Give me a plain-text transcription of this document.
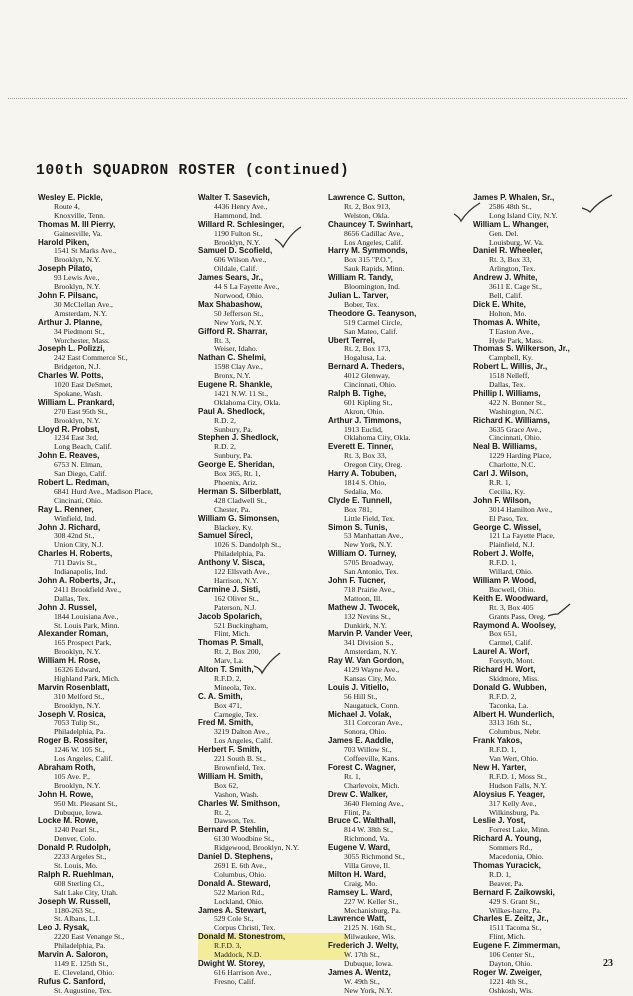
100th SQUADRON ROSTER (continued)
Wesley E. Pickle,
Route 4,
Knoxville, Tenn.
Thomas M. III Pierry,
Gainesville, Va.
Harold Piken,
1541 St Marks Ave.,
Brooklyn, N.Y.
Joseph Pilato,
93 Lewis Ave.,
Brooklyn, N.Y.
John F. Pilsanc,
30 McClellan Ave.,
Amsterdam, N.Y.
Arthur J. Planne,
34 Piedmont St.,
Worchester, Mass.
Joseph L. Polizzi,
242 East Commerce St.,
Bridgeton, N.J.
Charles W. Potts,
1020 East DeSmet,
Spokane, Wash.
William L. Prankard,
270 East 95th St.,
Brooklyn, N.Y.
Lloyd R. Probst,
1234 East 3rd,
Long Beach, Calif.
John E. Reaves,
6753 N. Elman,
San Diego, Calif.
Robert L. Redman,
6841 Hurd Ave., Madison Place,
Cincinati, Ohio.
Ray L. Renner,
Winfield, Ind.
John J. Richard,
308 42nd St.,
Union City, N.J.
Charles H. Roberts,
711 Davis St.,
Indianapolis, Ind.
John A. Roberts, Jr.,
2411 Brookfield Ave.,
Dallas, Tex.
John J. Russel,
1844 Louisiana Ave.,
St. Louis Park, Minn.
Alexander Roman,
165 Prospect Park,
Brooklyn, N.Y.
William H. Rose,
16326 Edward,
Highland Park, Mich.
Marvin Rosenblatt,
310 Melford St.,
Brooklyn, N.Y.
Joseph V. Rosica,
7053 Tulip St.,
Philadelphia, Pa.
Roger B. Rossiter,
1246 W. 105 St.,
Los Angeles, Calif.
Abraham Roth,
105 Ave. P.,
Brooklyn, N.Y.
John H. Rowe,
950 Mt. Pleasant St.,
Dubuque, Iowa.
Locke M. Rowe,
1240 Pearl St.,
Denver, Colo.
Donald P. Rudolph,
2233 Argeles St.,
St. Louis, Mo.
Ralph R. Ruehlman,
608 Sterling Ct.,
Salt Lake City, Utah.
Joseph W. Russell,
1180-263 St.,
St. Albans, L.I.
Leo J. Rysak,
2220 East Venange St.,
Philadelphia, Pa.
Marvin A. Saloron,
1149 E. 125th St.,
E. Cleveland, Ohio.
Rufus C. Sanford,
St. Augustine, Tex.
Walter T. Sasevich,
4436 Henry Ave.,
Hammond, Ind.
Willard R. Schlesinger,
1190 Fulton St.,
Brooklyn, N.Y.
Samuel D. Scofield,
606 Wilson Ave.,
Oildale, Calif.
James Sears, Jr.,
44 S La Fayette Ave.,
Norwood, Ohio.
Max Shabashow,
50 Jefferson St.,
New York, N.Y.
Gifford R. Sharrar,
Rt. 3,
Weiser, Idaho.
Nathan C. Shelmi,
1598 Clay Ave.,
Bronx, N.Y.
Eugene R. Shankle,
1421 N.W. 11 St.,
Oklahoma City, Okla.
Paul A. Shedlock,
R.D. 2,
Sunbury, Pa.
Stephen J. Shedlock,
R.D. 2,
Sunbury, Pa.
George E. Sheridan,
Box 365, Rt. 1,
Phoenix, Ariz.
Herman S. Silberblatt,
428 Cladwell St.,
Chester, Pa.
William G. Simonsen,
Blackey, Ky.
Samuel Sirecl,
1026 S. Dandolph St.,
Philadelphia, Pa.
Anthony V. Sisca,
122 Ellsvath Ave.,
Harrison, N.Y.
Carmine J. Sisti,
162 Oliver St.,
Paterson, N.J.
Jacob Spolarich,
521 Buckingham,
Flint, Mich.
Thomas P. Small,
Rt. 2, Box 200,
Marv, La.
Alton T. Smith,
R.F.D. 2,
Mineola, Tex.
C. A. Smith,
Box 471,
Carnegie, Tex.
Fred M. Smith,
3219 Dalton Ave.,
Los Angeles, Calif.
Herbert F. Smith,
221 South B. St.,
Brownfield, Tex.
William H. Smith,
Box 62,
Vashon, Wash.
Charles W. Smithson,
Rt. 2,
Dawson, Tex.
Bernard P. Stehlin,
6130 Woodbine St.,
Ridgewood, Brooklyn, N.Y.
Daniel D. Stephens,
2691 E. 6th Ave.,
Columbus, Ohio.
Donald A. Steward,
522 Marion Rd.,
Lockland, Ohio.
James A. Stewart,
529 Cole St.,
Corpus Christi, Tex.
Donald M. Stonestrom,
R.F.D. 3,
Maddock, N.D.
Dwight W. Storey,
616 Harrison Ave.,
Fresno, Calif.
Lawrence C. Sutton,
Rt. 2, Box 913,
Welston, Okla.
Chauncey T. Swinhart,
8656 Cadillac Ave.,
Los Angeles, Calif.
Harry M. Symmonds,
Box 315 "P.O.",
Sauk Rapids, Minn.
William R. Tandy,
Bloomington, Ind.
Julian L. Tarver,
Bober, Tex.
Theodore G. Teanyson,
519 Carmel Circle,
San Mateo, Calif.
Ubert Terrel,
Rt. 2, Box 173,
Hogalusa, La.
Bernard A. Theders,
4012 Glenway,
Cincinnati, Ohio.
Ralph B. Tighe,
601 Kipling St.,
Akron, Ohio.
Arthur J. Timmons,
1913 Euclid,
Oklahoma City, Okla.
Everett E. Tinner,
Rt. 3, Box 33,
Oregon City, Oreg.
Harry A. Tobuben,
1814 S. Ohio,
Sedalia, Mo.
Clyde E. Tunnell,
Box 781,
Little Field, Tex.
Simon S. Tunis,
53 Manhattan Ave.,
New York, N.Y.
William O. Turney,
5705 Broadway,
San Antonio, Tex.
John F. Tucner,
718 Prairie Ave.,
Mattoon, Ill.
Mathew J. Twocek,
132 Nevins St.,
Dunkirk, N.Y.
Marvin P. Vander Veer,
341 Division S.,
Amsterdam, N.Y.
Ray W. Van Gordon,
4129 Wayne Ave.,
Kansas City, Mo.
Louis J. Vitiello,
56 Hill St.,
Naugatuck, Conn.
Michael J. Volak,
311 Corcoran Ave.,
Sonora, Ohio.
James E. Aaddle,
703 Willow St.,
Coffeeville, Kans.
Forest C. Wagner,
Rt. 1,
Charlevoix, Mich.
Drew C. Walker,
3640 Fleming Ave.,
Flint, Pa.
Bruce C. Walthall,
814 W. 38th St.,
Richmond, Va.
Eugene V. Ward,
3055 Richmond St.,
Villa Grove, Il.
Milton H. Ward,
Craig, Mo.
Ramsey L. Ward,
227 W. Keller St.,
Mechanisburg, Pa.
Lawrence Watt,
2125 N. 16th St.,
Milwaukee, Wis.
Frederich J. Welty,
W. 17th St.,
Dubuque, Iowa.
James A. Wentz,
W. 49th St.,
New York, N.Y.
James P. Whalen, Sr.,
2586 48th St.,
Long Island City, N.Y.
William L. Whanger,
Gen. Del.
Louisburg, W. Va.
Daniel R. Wheeler,
Rt. 3, Box 33,
Arlington, Tex.
Andrew J. White,
3611 E. Cage St.,
Bell, Calif.
Dick E. White,
Holton, Mo.
Thomas A. White,
T Easton Ave.,
Hyde Park, Mass.
Thomas S. Wilkerson, Jr.,
Campbell, Ky.
Robert L. Willis, Jr.,
1518 Nelleff,
Dallas, Tex.
Phillip I. Williams,
422 N. Bonner St.,
Washington, N.C.
Richard K. Williams,
3635 Grace Ave.,
Cincinnati, Ohio.
Neal B. Williams,
1229 Harding Place,
Charlotte, N.C.
Carl J. Wilson,
R.R. 1,
Cecilia, Ky.
John F. Wilson,
3014 Hamilton Ave.,
El Paso, Tex.
George C. Wissel,
121 La Fayette Place,
Plainfield, N.J.
Robert J. Wolfe,
R.F.D. 1,
Willard, Ohio.
William P. Wood,
Bucwell, Ohio.
Keith E. Woodward,
Rt. 3, Box 405
Grants Pass, Oreg.
Raymond A. Woolsey,
Box 651,
Carmel, Calif.
Laurel A. Worf,
Forsyth, Mont.
Richard H. Wort,
Skidmore, Miss.
Donald G. Wubben,
R.F.D. 2,
Taconka, La.
Albert H. Wunderlich,
3313 16th St.,
Columbus, Nebr.
Frank Yakos,
R.F.D. 1,
Van Wert, Ohio.
New H. Yarter,
R.F.D. 1, Moss St.,
Hudson Falls, N.Y.
Aloysius F. Yeager,
317 Kelly Ave.,
Wilkinsburg, Pa.
Leslie J. Yost,
Forrest Lake, Minn.
Richard A. Young,
Sommers Rd.,
Macedonia, Ohio.
Thomas Yuracick,
R.D. 1,
Beaver, Pa.
Bernard F. Zaikowski,
429 S. Grant St.,
Wilkes-barre, Pa.
Charles E. Zeitz, Jr.,
1511 Tacoma St.,
Flint, Mich.
Eugene F. Zimmerman,
106 Center St.,
Dayton, Ohio.
Roger W. Zweiger,
1221 4th St.,
Oshkosh, Wis.
23
